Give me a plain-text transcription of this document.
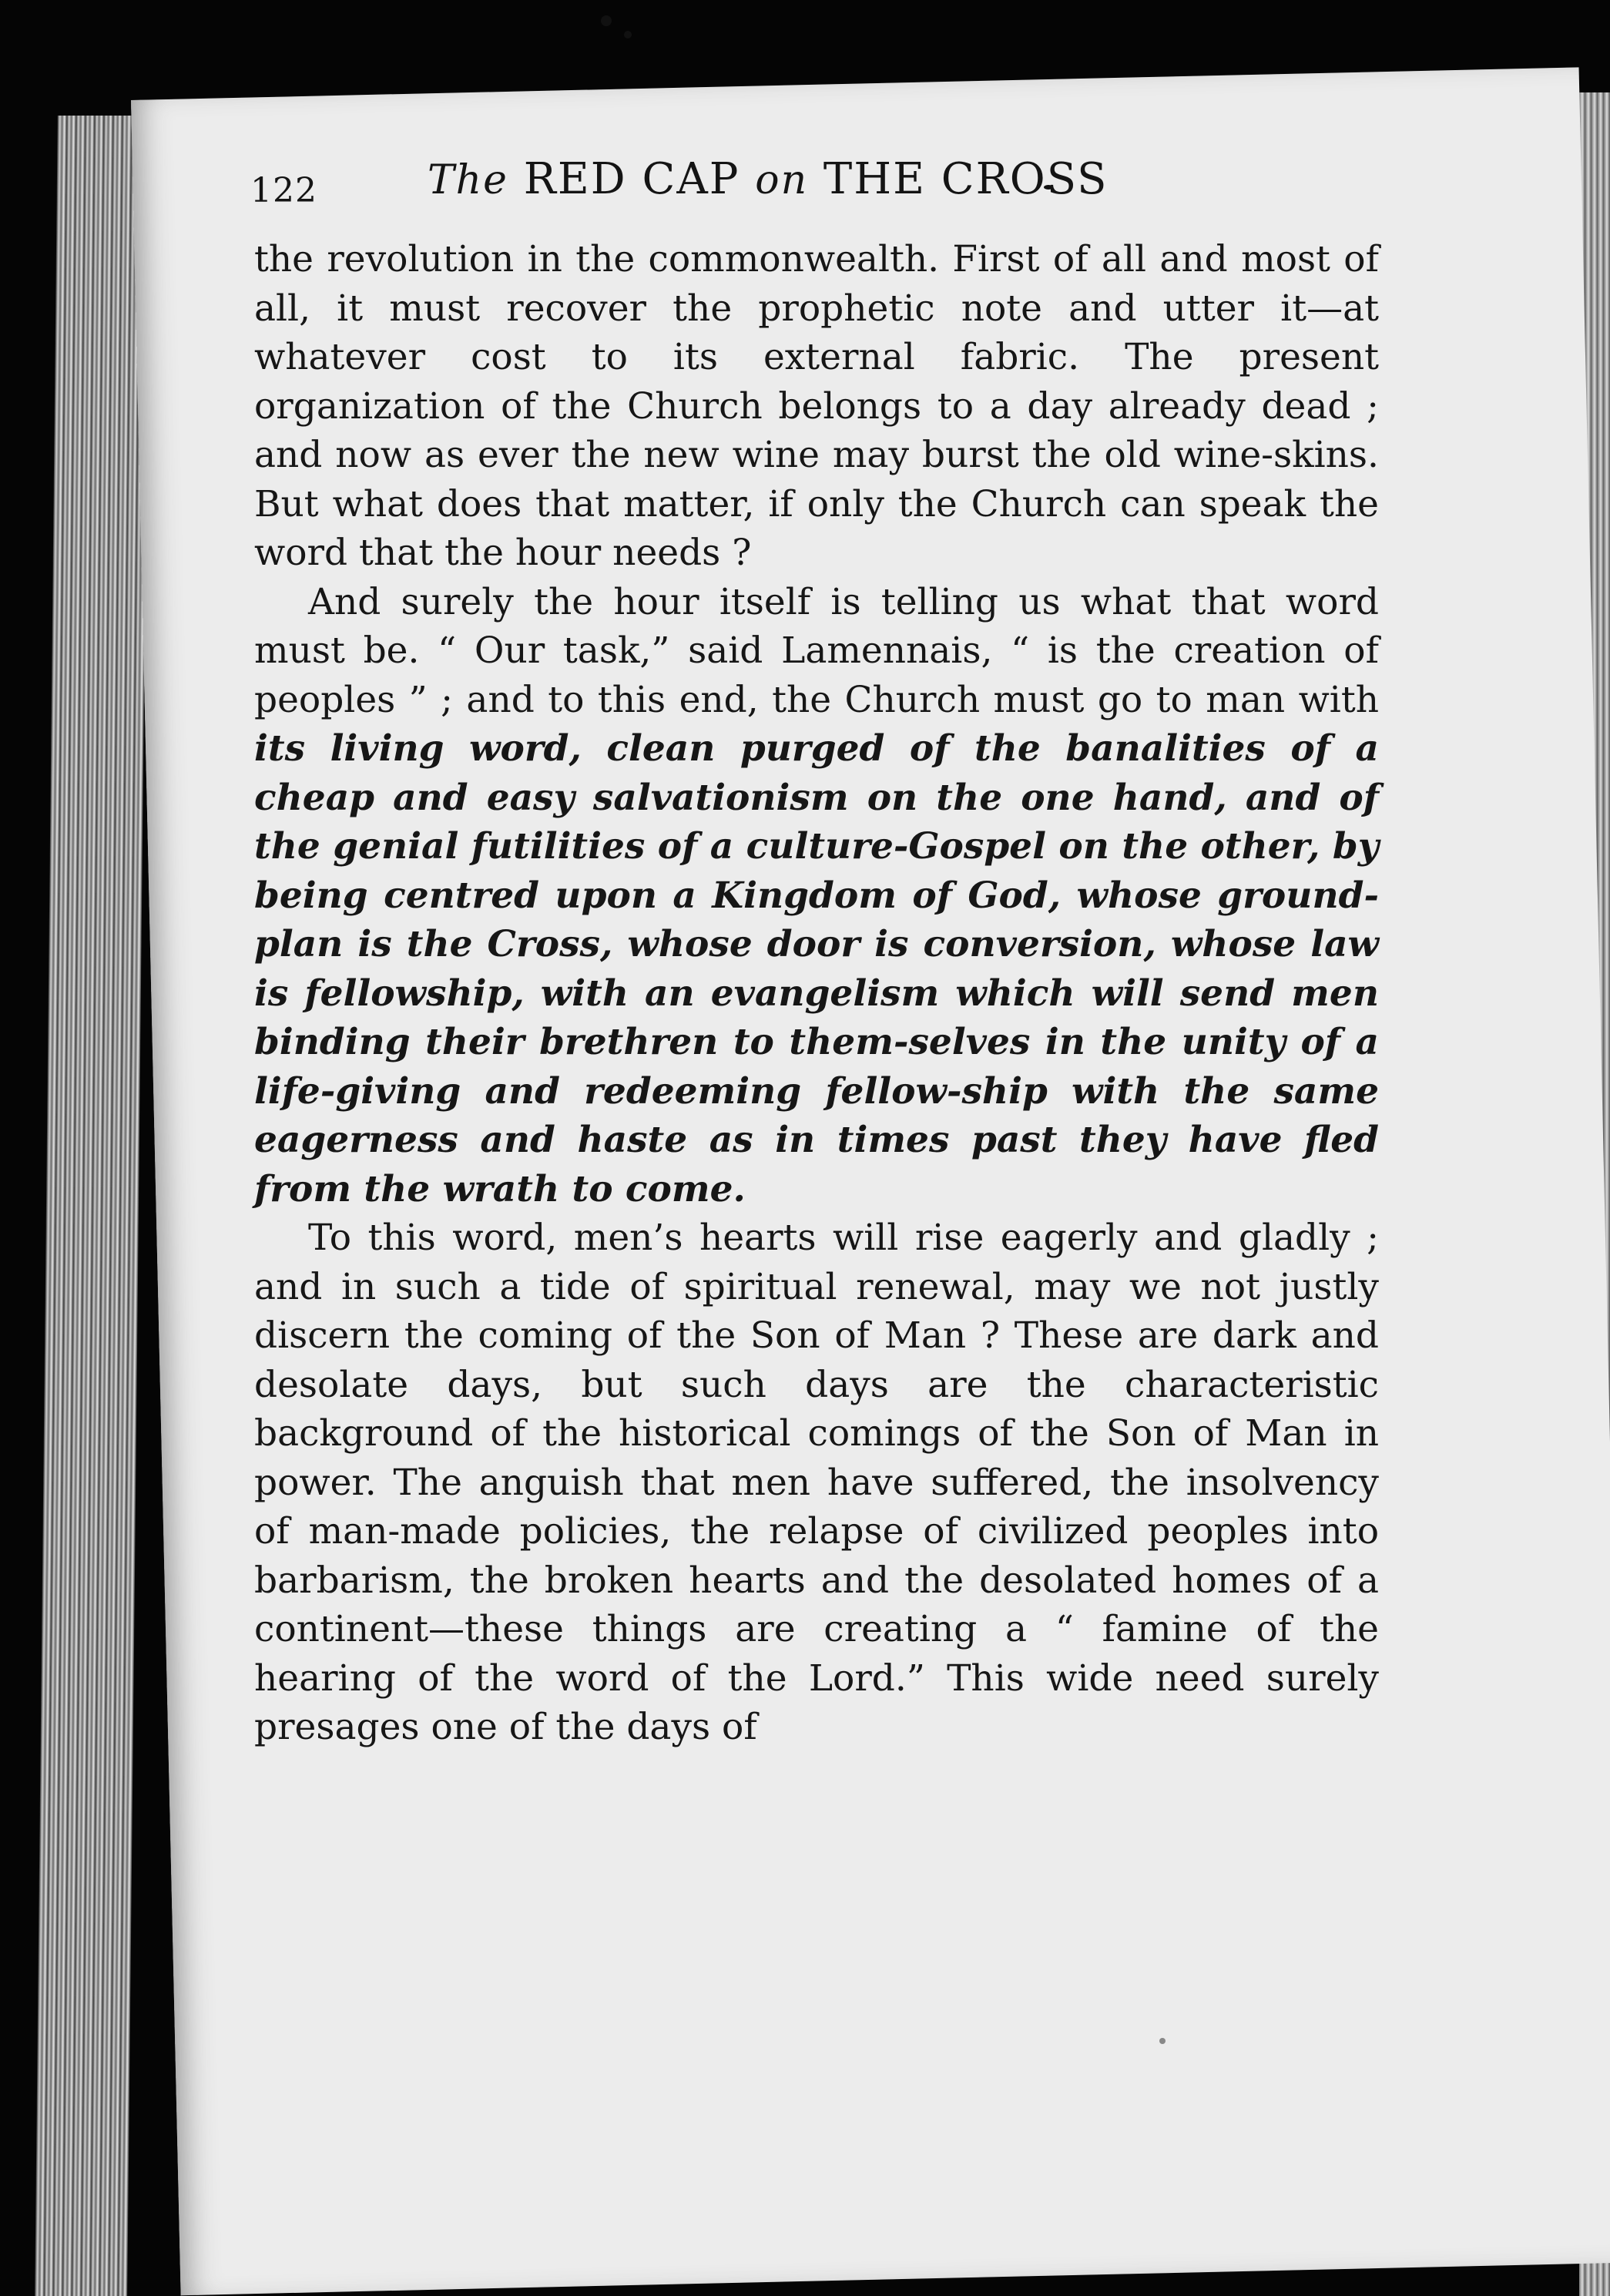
122	The RED CAP on THE CROSS

the revolution in the commonwealth. First of all and most of all, it must recover the prophetic note and utter it—at whatever cost to its external fabric. The present organization of the Church belongs to a day already dead ; and now as ever the new wine may burst the old wine-skins. But what does that matter, if only the Church can speak the word that the hour needs ?

And surely the hour itself is telling us what that word must be. “ Our task,” said Lamennais, “ is the creation of peoples ” ; and to this end, the Church must go to man with its living word, clean purged of the banalities of a cheap and easy salvationism on the one hand, and of the genial futilities of a culture-Gospel on the other, by being centred upon a Kingdom of God, whose ground-plan is the Cross, whose door is conversion, whose law is fellowship, with an evangelism which will send men binding their brethren to them-selves in the unity of a life-giving and redeeming fellow-ship with the same eagerness and haste as in times past they have fled from the wrath to come.

To this word, men’s hearts will rise eagerly and gladly ; and in such a tide of spiritual renewal, may we not justly discern the coming of the Son of Man ? These are dark and desolate days, but such days are the characteristic background of the historical comings of the Son of Man in power. The anguish that men have suffered, the insolvency of man-made policies, the relapse of civilized peoples into barbarism, the broken hearts and the desolated homes of a continent—these things are creating a “ famine of the hearing of the word of the Lord.” This wide need surely presages one of the days of
